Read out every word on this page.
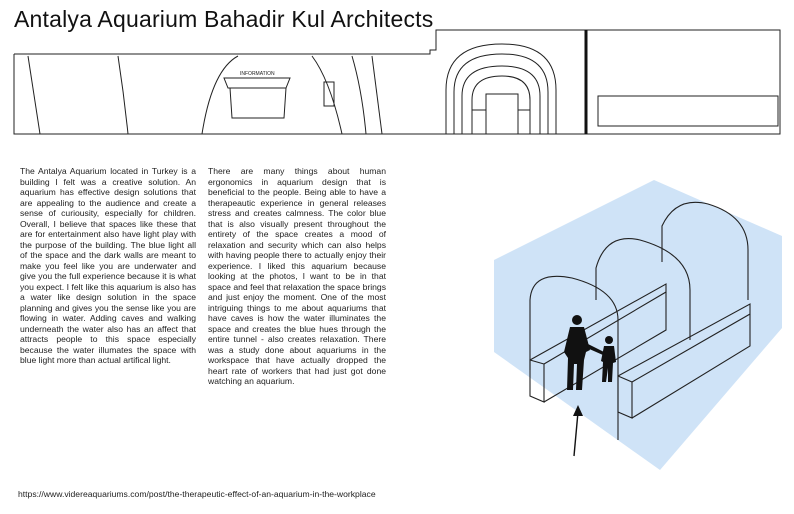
Antalya Aquarium Bahadir Kul Architects
INFORMATION

The Antalya Aquarium located in Turkey is a building I felt was a creative solution. An aquarium has effective design solutions that are appealing to the audience and create a sense of curiousity, especially for children. Overall, I believe that spaces like these that are for entertainment also have light play with the purpose of the building. The blue light all of the space and the dark walls are meant to make you feel like you are underwater and give you the full experience because it is what you expect. I felt like this aquarium is also has a water like design solution in the space planning and gives you the sense like you are flowing in water. Adding caves and walking underneath the water also has an affect that attracts people to this space especially because the water illumates the space with blue light more than actual artifical light.

There are many things about human ergonomics in aquarium design that is beneficial to the people. Being able to have a therapeautic experience in general releases stress and creates calmness. The color blue that is also visually present throughout the entirety of the space creates a mood of relaxation and security which can also helps with having people there to actually enjoy their experience. I liked this aquarium because looking at the photos, I want to be in that space and feel that relaxation the space brings and just enjoy the moment. One of the most intriguing things to me about aquariums that have caves is how the water illuminates the space and creates the blue hues through the entire tunnel - also creates relaxation. There was a study done about aquariums in the workspace that have actually dropped the heart rate of workers that had just got done watching an aquarium.

https://www.videreaquariums.com/post/the-therapeutic-effect-of-an-aquarium-in-the-workplace
